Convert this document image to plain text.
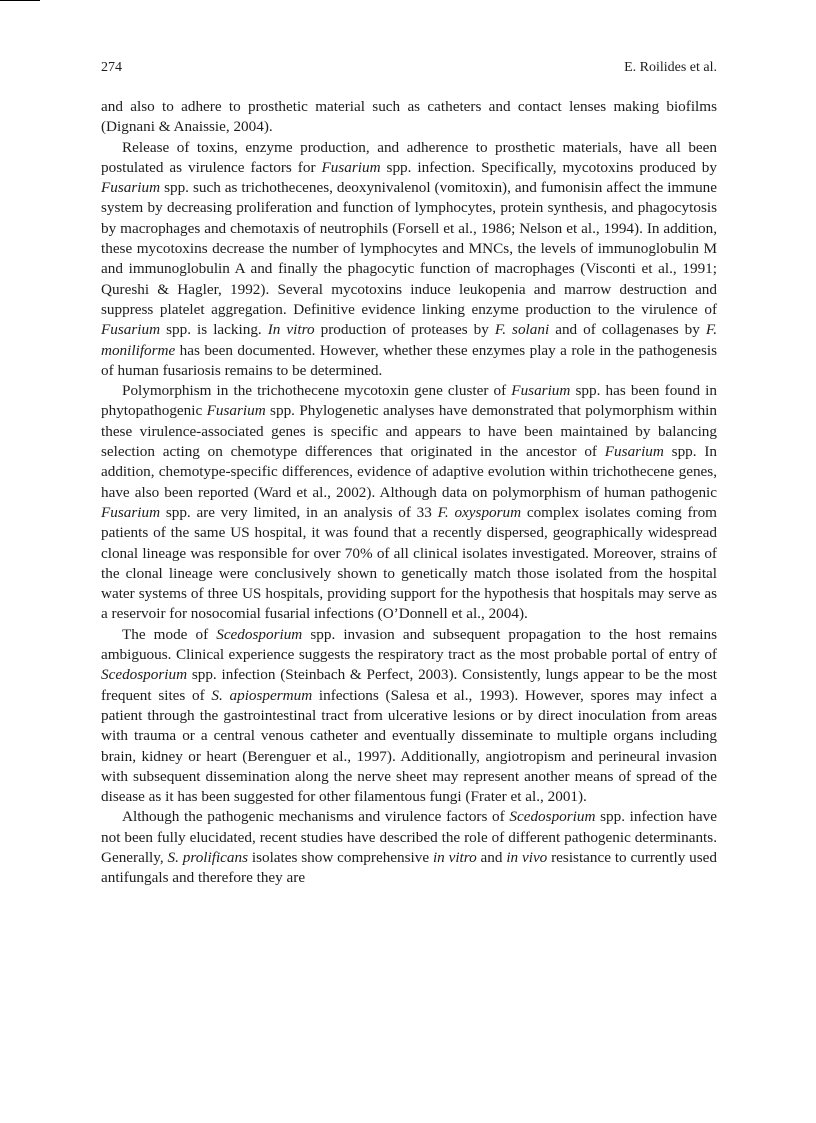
274	E. Roilides et al.

and also to adhere to prosthetic material such as catheters and contact lenses making biofilms (Dignani & Anaissie, 2004).

Release of toxins, enzyme production, and adherence to prosthetic materials, have all been postulated as virulence factors for Fusarium spp. infection. Specifically, mycotoxins produced by Fusarium spp. such as trichothecenes, deoxynivalenol (vomitoxin), and fumonisin affect the immune system by decreasing proliferation and function of lymphocytes, protein synthesis, and phagocytosis by macrophages and chemotaxis of neutrophils (Forsell et al., 1986; Nelson et al., 1994). In addition, these mycotoxins decrease the number of lymphocytes and MNCs, the levels of immunoglobulin M and immunoglobulin A and finally the phagocytic function of macrophages (Visconti et al., 1991; Qureshi & Hagler, 1992). Several mycotoxins induce leukopenia and marrow destruction and suppress platelet aggregation. Definitive evidence linking enzyme production to the virulence of Fusarium spp. is lacking. In vitro production of proteases by F. solani and of collagenases by F. moniliforme has been documented. However, whether these enzymes play a role in the pathogenesis of human fusariosis remains to be determined.

Polymorphism in the trichothecene mycotoxin gene cluster of Fusarium spp. has been found in phytopathogenic Fusarium spp. Phylogenetic analyses have demonstrated that polymorphism within these virulence-associated genes is specific and appears to have been maintained by balancing selection acting on chemotype differences that originated in the ancestor of Fusarium spp. In addition, chemotype-specific differences, evidence of adaptive evolution within trichothecene genes, have also been reported (Ward et al., 2002). Although data on polymorphism of human pathogenic Fusarium spp. are very limited, in an analysis of 33 F. oxysporum complex isolates coming from patients of the same US hospital, it was found that a recently dispersed, geographically widespread clonal lineage was responsible for over 70% of all clinical isolates investigated. Moreover, strains of the clonal lineage were conclusively shown to genetically match those isolated from the hospital water systems of three US hospitals, providing support for the hypothesis that hospitals may serve as a reservoir for nosocomial fusarial infections (O’Donnell et al., 2004).

The mode of Scedosporium spp. invasion and subsequent propagation to the host remains ambiguous. Clinical experience suggests the respiratory tract as the most probable portal of entry of Scedosporium spp. infection (Steinbach & Perfect, 2003). Consistently, lungs appear to be the most frequent sites of S. apiospermum infections (Salesa et al., 1993). However, spores may infect a patient through the gastrointestinal tract from ulcerative lesions or by direct inoculation from areas with trauma or a central venous catheter and eventually disseminate to multiple organs including brain, kidney or heart (Berenguer et al., 1997). Additionally, angiotropism and perineural invasion with subsequent dissemination along the nerve sheet may represent another means of spread of the disease as it has been suggested for other filamentous fungi (Frater et al., 2001).

Although the pathogenic mechanisms and virulence factors of Scedosporium spp. infection have not been fully elucidated, recent studies have described the role of different pathogenic determinants. Generally, S. prolificans isolates show comprehensive in vitro and in vivo resistance to currently used antifungals and therefore they are
